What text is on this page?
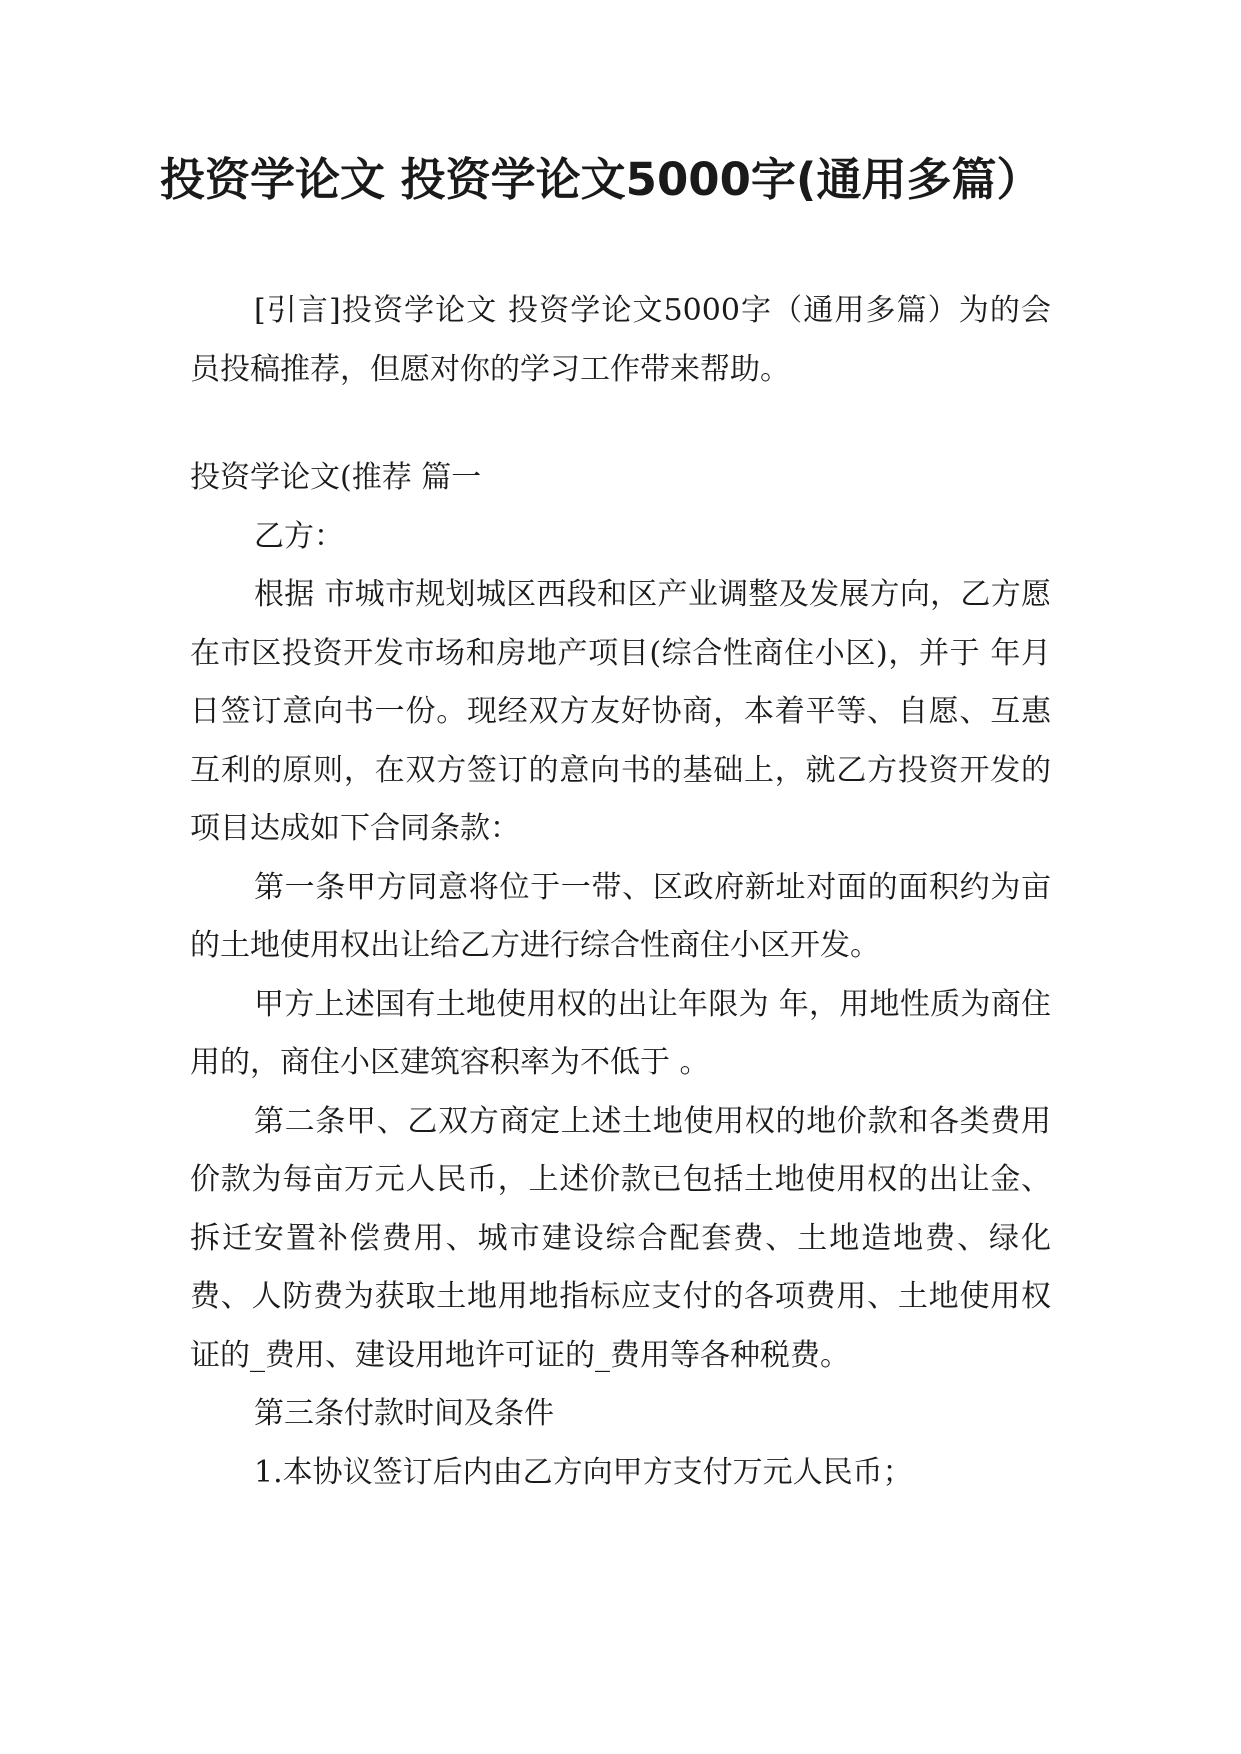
投资学论文 投资学论文5000字(通用多篇）

[引言]投资学论文 投资学论文5000字（通用多篇）为的会员投稿推荐，但愿对你的学习工作带来帮助。

投资学论文(推荐 篇一

乙方：

根据 市城市规划城区西段和区产业调整及发展方向，乙方愿在市区投资开发市场和房地产项目(综合性商住小区)，并于 年月日签订意向书一份。现经双方友好协商，本着平等、自愿、互惠互利的原则，在双方签订的意向书的基础上，就乙方投资开发的项目达成如下合同条款：

第一条甲方同意将位于一带、区政府新址对面的面积约为亩的土地使用权出让给乙方进行综合性商住小区开发。

甲方上述国有土地使用权的出让年限为 年，用地性质为商住用的，商住小区建筑容积率为不低于 。

第二条甲、乙双方商定上述土地使用权的地价款和各类费用价款为每亩万元人民币，上述价款已包括土地使用权的出让金、拆迁安置补偿费用、城市建设综合配套费、土地造地费、绿化费、人防费为获取土地用地指标应支付的各项费用、土地使用权证的_费用、建设用地许可证的_费用等各种税费。

第三条付款时间及条件

1.本协议签订后内由乙方向甲方支付万元人民币；
